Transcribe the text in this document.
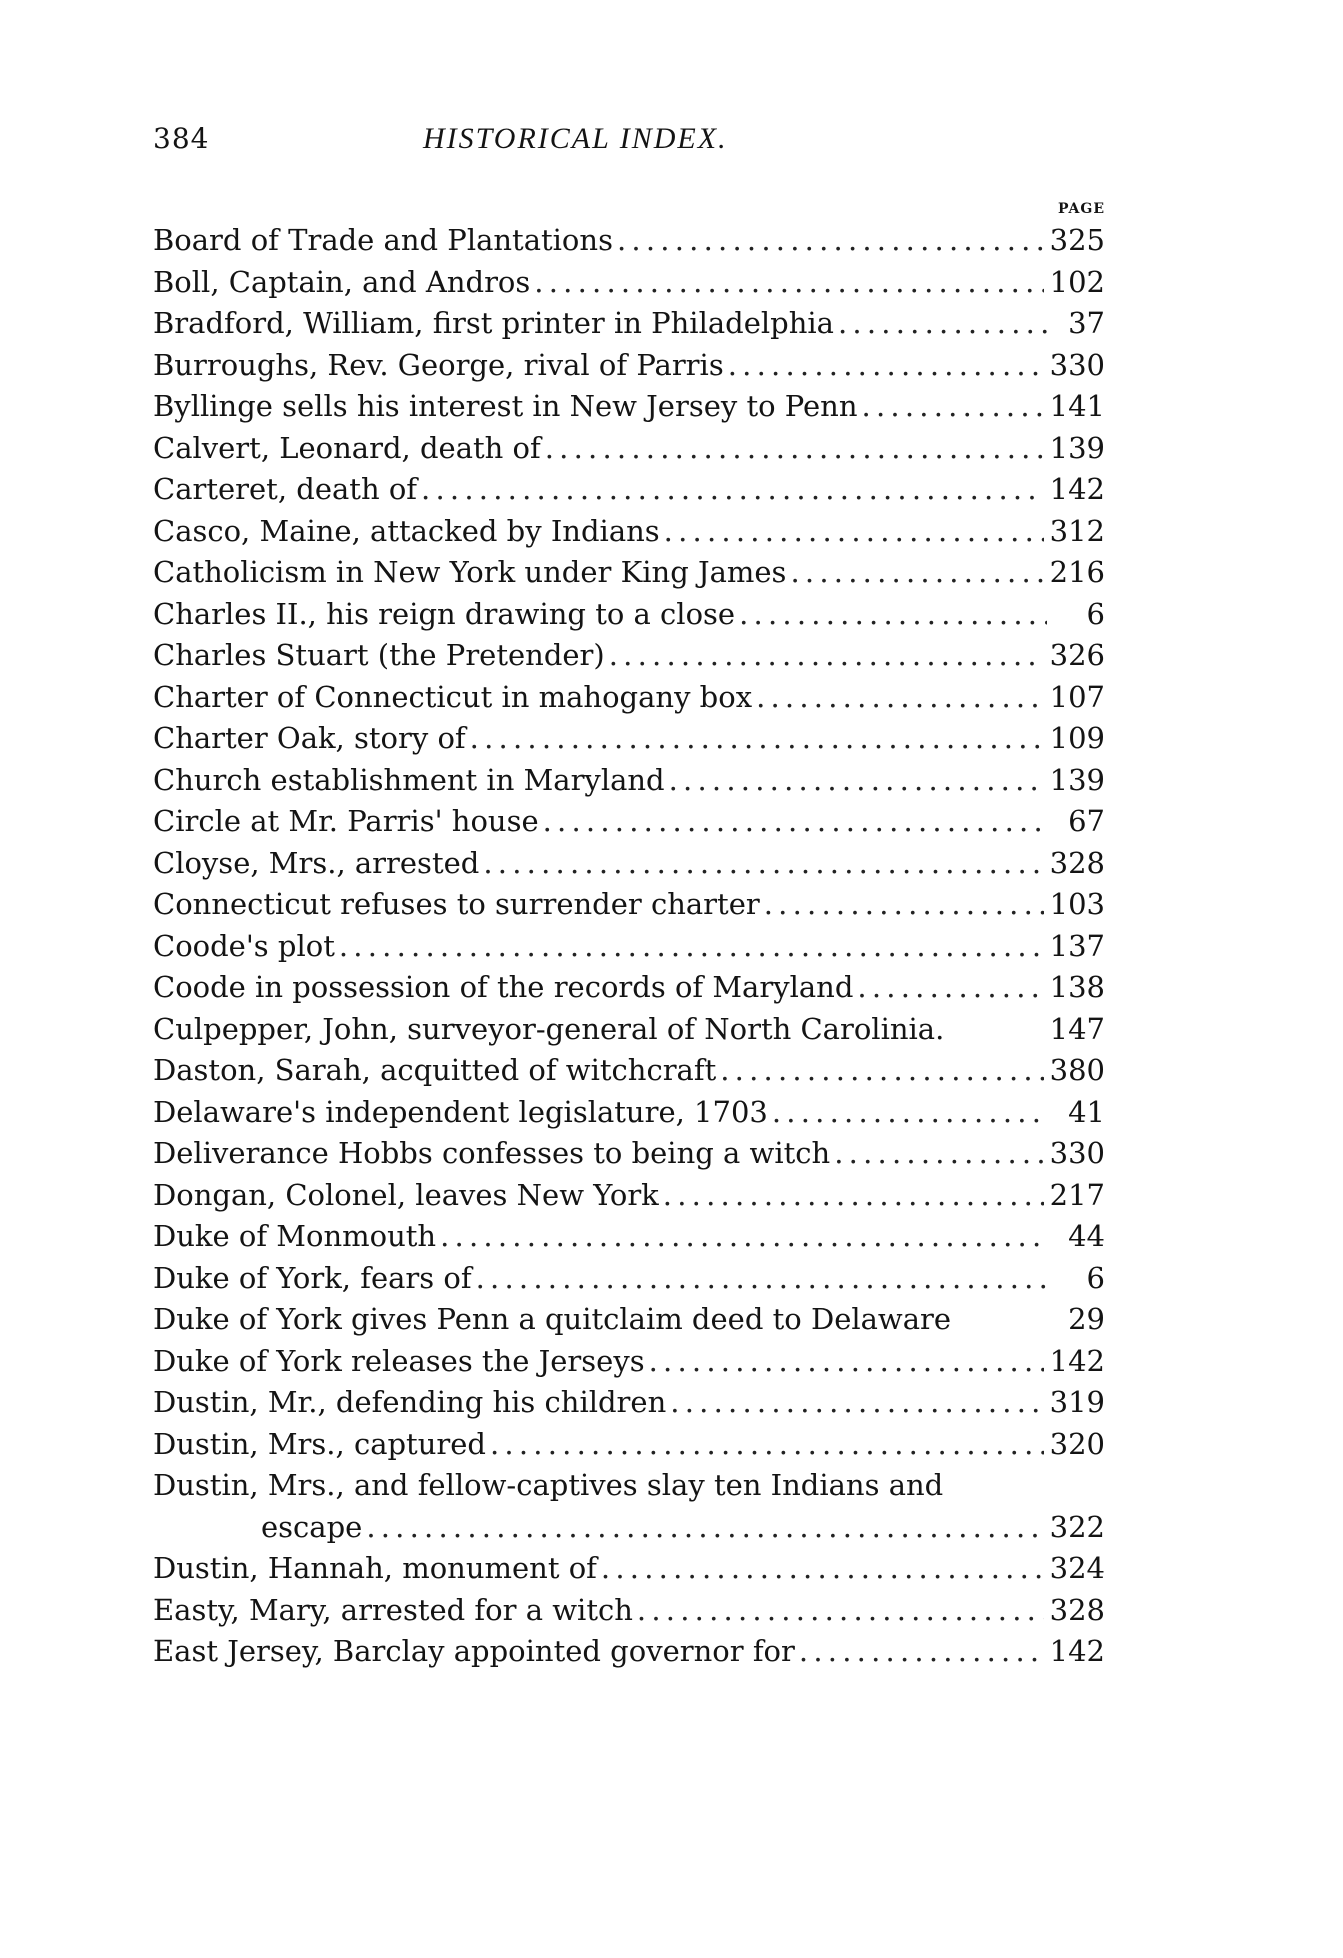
384	HISTORICAL INDEX.
PAGE
Board of Trade and Plantations . . .	325
Boll, Captain, and Andros . . .	102
Bradford, William, first printer in Philadelphia . . .	37
Burroughs, Rev. George, rival of Parris . . .	330
Byllinge sells his interest in New Jersey to Penn . . .	141
Calvert, Leonard, death of . . .	139
Carteret, death of . . .	142
Casco, Maine, attacked by Indians . . .	312
Catholicism in New York under King James . . .	216
Charles II., his reign drawing to a close . . .	6
Charles Stuart (the Pretender) . . .	326
Charter of Connecticut in mahogany box . . .	107
Charter Oak, story of . . .	109
Church establishment in Maryland . . .	139
Circle at Mr. Parris' house . . .	67
Cloyse, Mrs., arrested . . .	328
Connecticut refuses to surrender charter . . .	103
Coode's plot . . .	137
Coode in possession of the records of Maryland . . .	138
Culpepper, John, surveyor-general of North Carolinia.	147
Daston, Sarah, acquitted of witchcraft . . .	380
Delaware's independent legislature, 1703 . . .	41
Deliverance Hobbs confesses to being a witch . . .	330
Dongan, Colonel, leaves New York . . .	217
Duke of Monmouth . . .	44
Duke of York, fears of . . .	6
Duke of York gives Penn a quitclaim deed to Delaware	29
Duke of York releases the Jerseys . . .	142
Dustin, Mr., defending his children . . .	319
Dustin, Mrs., captured . . .	320
Dustin, Mrs., and fellow-captives slay ten Indians and
escape . . .	322
Dustin, Hannah, monument of . . .	324
Easty, Mary, arrested for a witch . . .	328
East Jersey, Barclay appointed governor for . . .	142
